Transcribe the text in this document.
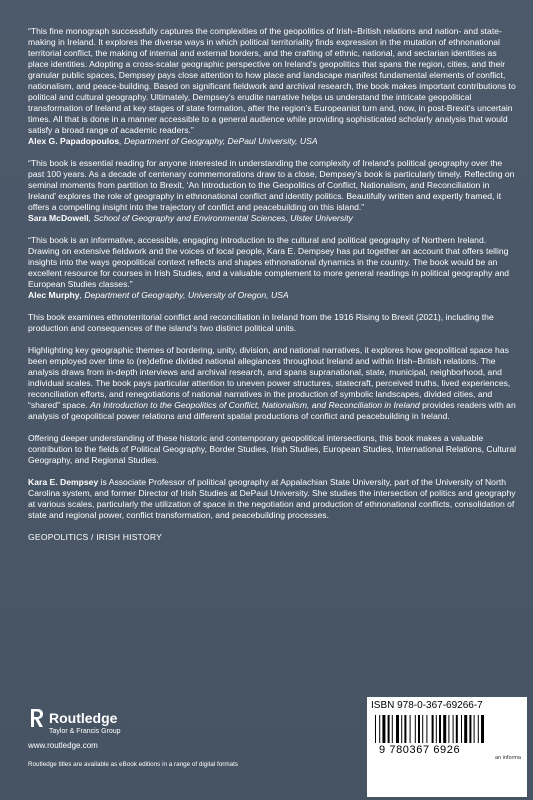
“This fine monograph successfully captures the complexities of the geopolitics of Irish–British relations and nation- and state-making in Ireland. It explores the diverse ways in which political territoriality finds expression in the mutation of ethnonational territorial conflict, the making of internal and external borders, and the crafting of ethnic, national, and sectarian identities as place identities. Adopting a cross-scalar geographic perspective on Ireland’s geopolitics that spans the region, cities, and their granular public spaces, Dempsey pays close attention to how place and landscape manifest fundamental elements of conflict, nationalism, and peace-building. Based on significant fieldwork and archival research, the book makes important contributions to political and cultural geography. Ultimately, Dempsey’s erudite narrative helps us understand the intricate geopolitical transformation of Ireland at key stages of state formation, after the region’s Europeanist turn and, now, in post-Brexit’s uncertain times. All that is done in a manner accessible to a general audience while providing sophisticated scholarly analysis that would satisfy a broad range of academic readers.”
Alex G. Papadopoulos, Department of Geography, DePaul University, USA
“This book is essential reading for anyone interested in understanding the complexity of Ireland’s political geography over the past 100 years. As a decade of centenary commemorations draw to a close, Dempsey’s book is particularly timely. Reflecting on seminal moments from partition to Brexit, ‘An Introduction to the Geopolitics of Conflict, Nationalism, and Reconciliation in Ireland’ explores the role of geography in ethnonational conflict and identity politics. Beautifully written and expertly framed, it offers a compelling insight into the trajectory of conflict and peacebuilding on this island.”
Sara McDowell, School of Geography and Environmental Sciences, Ulster University
“This book is an informative, accessible, engaging introduction to the cultural and political geography of Northern Ireland. Drawing on extensive fieldwork and the voices of local people, Kara E. Dempsey has put together an account that offers telling insights into the ways geopolitical context reflects and shapes ethnonational dynamics in the country. The book would be an excellent resource for courses in Irish Studies, and a valuable complement to more general readings in political geography and European Studies classes.”
Alec Murphy, Department of Geography, University of Oregon, USA
This book examines ethnoterritorial conflict and reconciliation in Ireland from the 1916 Rising to Brexit (2021), including the production and consequences of the island’s two distinct political units.
Highlighting key geographic themes of bordering, unity, division, and national narratives, it explores how geopolitical space has been employed over time to (re)define divided national allegiances throughout Ireland and within Irish–British relations. The analysis draws from in-depth interviews and archival research, and spans supranational, state, municipal, neighborhood, and individual scales. The book pays particular attention to uneven power structures, statecraft, perceived truths, lived experiences, reconciliation efforts, and renegotiations of national narratives in the production of symbolic landscapes, divided cities, and “shared” space. An Introduction to the Geopolitics of Conflict, Nationalism, and Reconciliation in Ireland provides readers with an analysis of geopolitical power relations and different spatial productions of conflict and peacebuilding in Ireland.
Offering deeper understanding of these historic and contemporary geopolitical intersections, this book makes a valuable contribution to the fields of Political Geography, Border Studies, Irish Studies, European Studies, International Relations, Cultural Geography, and Regional Studies.
Kara E. Dempsey is Associate Professor of political geography at Appalachian State University, part of the University of North Carolina system, and former Director of Irish Studies at DePaul University. She studies the intersection of politics and geography at various scales, particularly the utilization of space in the negotiation and production of ethnonational conflicts, consolidation of state and regional power, conflict transformation, and peacebuilding processes.
GEOPOLITICS / IRISH HISTORY
Routledge
Taylor & Francis Group
www.routledge.com
Routledge titles are available as eBook editions in a range of digital formats
ISBN 978-0-367-69266-7
9 780367 6926
an informa
